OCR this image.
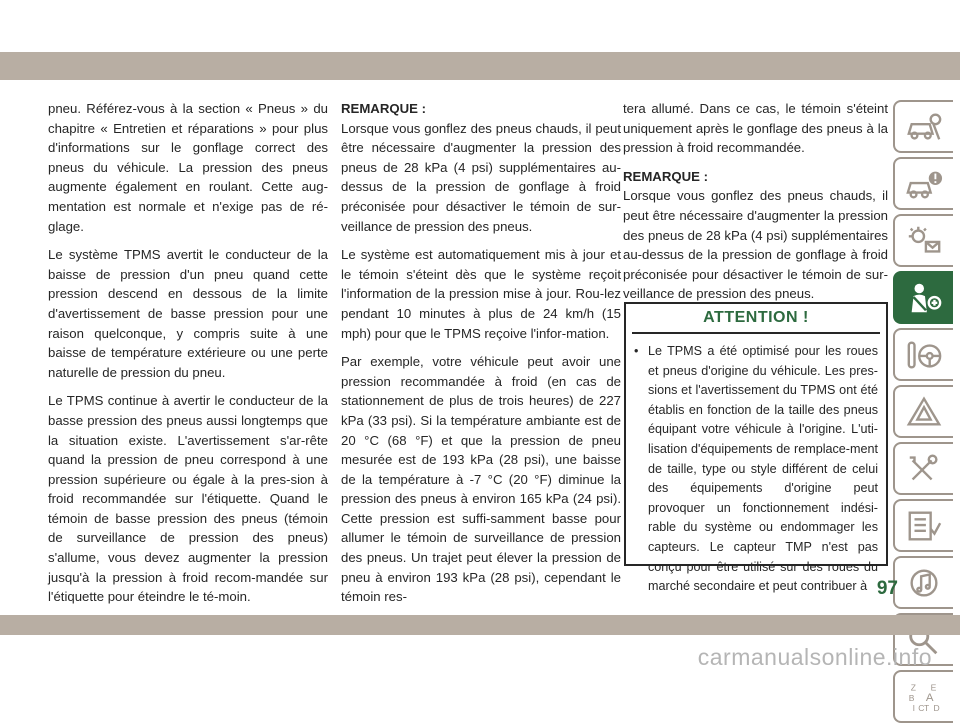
pneu. Référez-vous à la section « Pneus » du chapitre « Entretien et réparations » pour plus d'informations sur le gonflage correct des pneus du véhicule. La pression des pneus augmente également en roulant. Cette aug-mentation est normale et n'exige pas de ré-glage.

Le système TPMS avertit le conducteur de la baisse de pression d'un pneu quand cette pression descend en dessous de la limite d'avertissement de basse pression pour une raison quelconque, y compris suite à une baisse de température extérieure ou une perte naturelle de pression du pneu.

Le TPMS continue à avertir le conducteur de la basse pression des pneus aussi longtemps que la situation existe. L'avertissement s'ar-rête quand la pression de pneu correspond à une pression supérieure ou égale à la pres-sion à froid recommandée sur l'étiquette. Quand le témoin de basse pression des pneus (témoin de surveillance de pression des pneus) s'allume, vous devez augmenter la pression jusqu'à la pression à froid recom-mandée sur l'étiquette pour éteindre le té-moin.

REMARQUE :

Lorsque vous gonflez des pneus chauds, il peut être nécessaire d'augmenter la pression des pneus de 28 kPa (4 psi) supplémentaires au-dessus de la pression de gonflage à froid préconisée pour désactiver le témoin de sur-veillance de pression des pneus.

Le système est automatiquement mis à jour et le témoin s'éteint dès que le système reçoit l'information de la pression mise à jour. Rou-lez pendant 10 minutes à plus de 24 km/h (15 mph) pour que le TPMS reçoive l'infor-mation.

Par exemple, votre véhicule peut avoir une pression recommandée à froid (en cas de stationnement de plus de trois heures) de 227 kPa (33 psi). Si la température ambiante est de 20 °C (68 °F) et que la pression de pneu mesurée est de 193 kPa (28 psi), une baisse de la température à -7 °C (20 °F) diminue la pression des pneus à environ 165 kPa (24 psi). Cette pression est suffi-samment basse pour allumer le témoin de surveillance de pression des pneus. Un trajet peut élever la pression de pneu à environ 193 kPa (28 psi), cependant le témoin res-

tera allumé. Dans ce cas, le témoin s'éteint uniquement après le gonflage des pneus à la pression à froid recommandée.

REMARQUE :

Lorsque vous gonflez des pneus chauds, il peut être nécessaire d'augmenter la pression des pneus de 28 kPa (4 psi) supplémentaires au-dessus de la pression de gonflage à froid préconisée pour désactiver le témoin de sur-veillance de pression des pneus.

ATTENTION !
• Le TPMS a été optimisé pour les roues et pneus d'origine du véhicule. Les pres-sions et l'avertissement du TPMS ont été établis en fonction de la taille des pneus équipant votre véhicule à l'origine. L'uti-lisation d'équipements de remplace-ment de taille, type ou style différent de celui des équipements d'origine peut provoquer un fonctionnement indési-rable du système ou endommager les capteurs. Le capteur TMP n'est pas conçu pour être utilisé sur des roues du marché secondaire et peut contribuer à
Z E
B A
I C T D
97
carmanualsonline.info
